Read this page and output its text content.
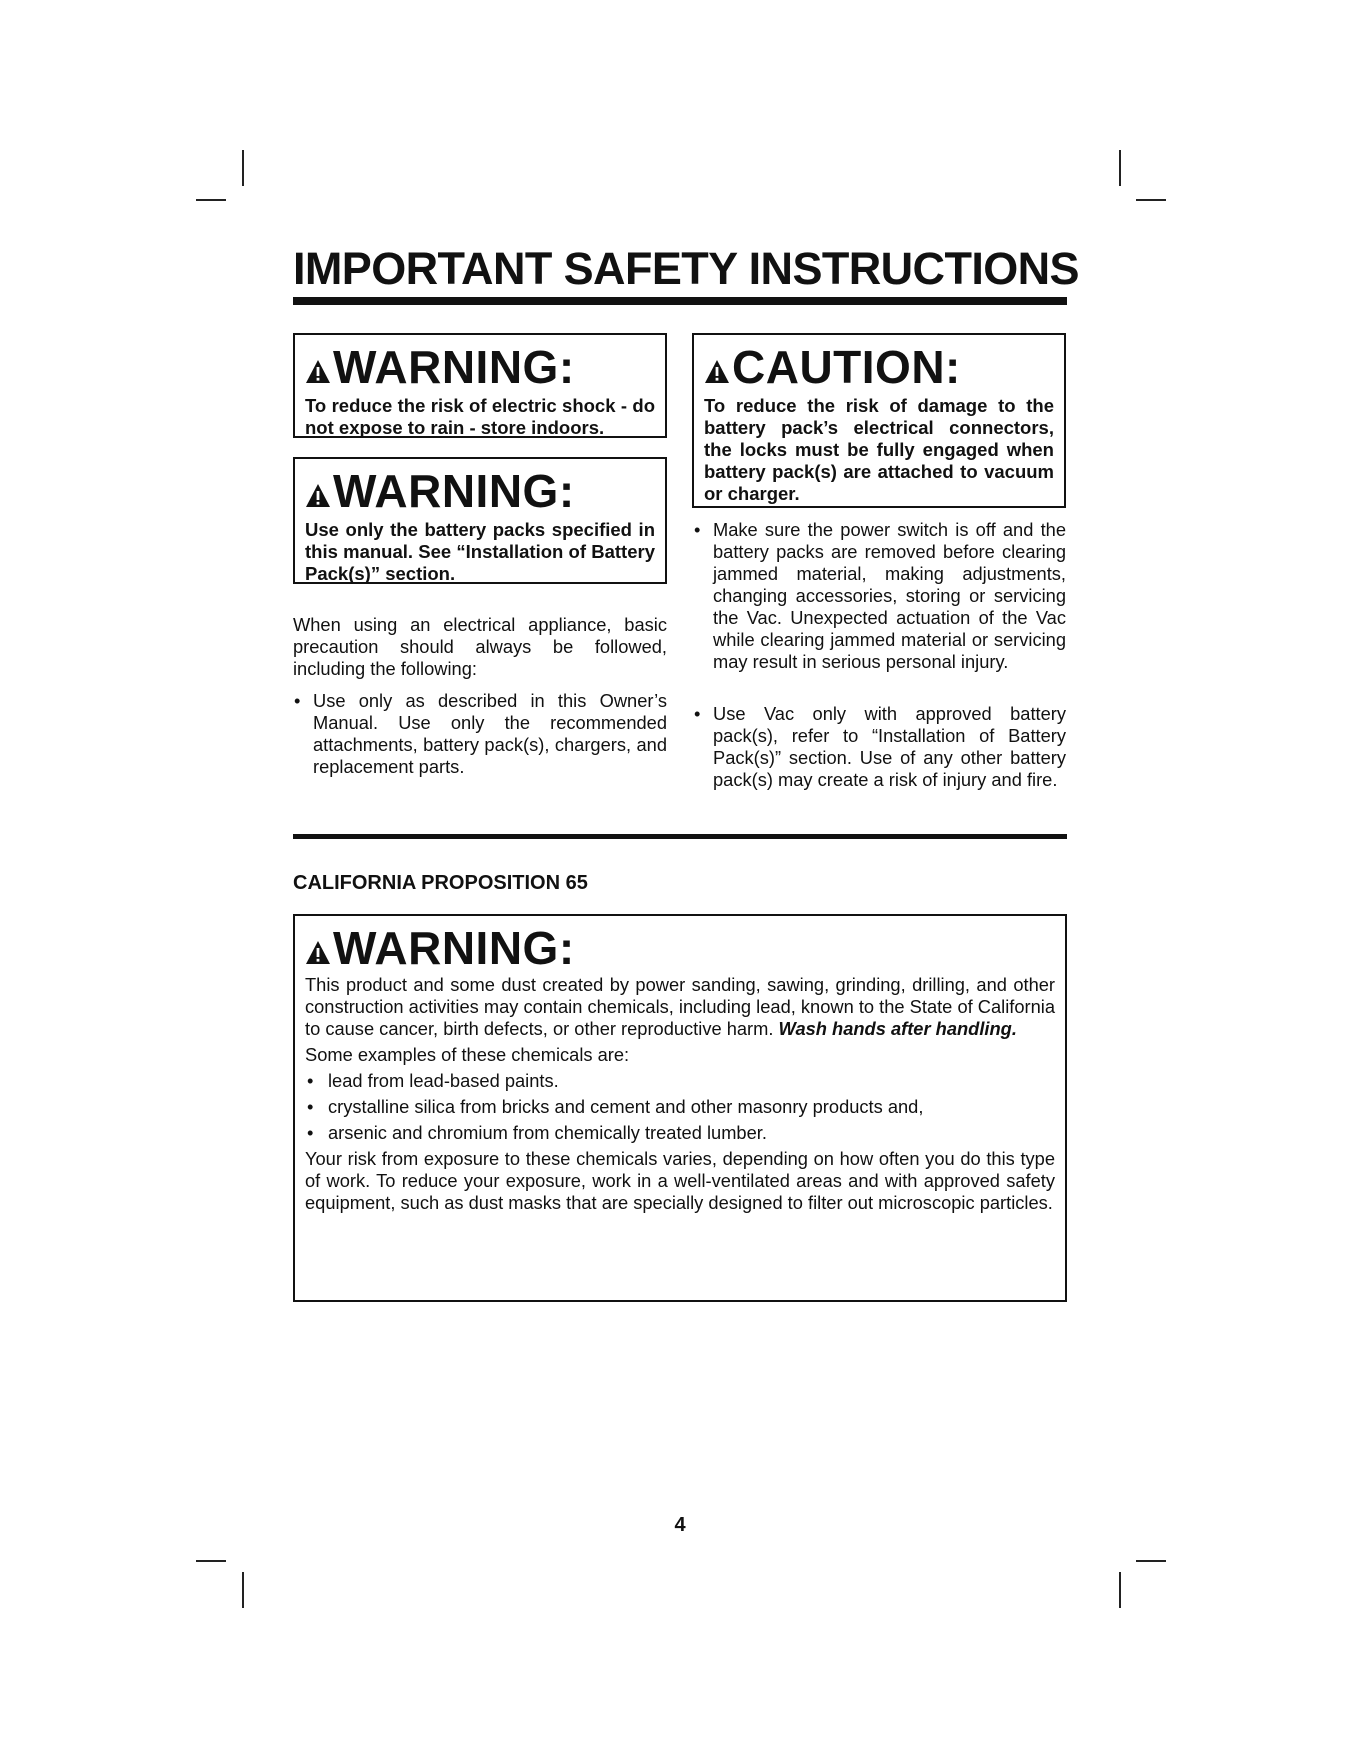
IMPORTANT SAFETY INSTRUCTIONS
WARNING:
To reduce the risk of electric shock - do not expose to rain - store indoors.
WARNING:
Use only the battery packs specified in this manual. See “Installation of Battery Pack(s)” section.
CAUTION:
To reduce the risk of damage to the battery pack’s electrical connectors, the locks must be fully engaged when battery pack(s) are attached to vacuum or charger.

When using an electrical appliance, basic precaution should always be followed, including the following:

• Use only as described in this Owner’s Manual. Use only the recommended attachments, battery pack(s), chargers, and replacement parts.
• Make sure the power switch is off and the battery packs are removed before clearing jammed material, making adjustments, changing accessories, storing or servicing the Vac. Unexpected actuation of the Vac while clearing jammed material or servicing may result in serious personal injury.
• Use Vac only with approved battery pack(s), refer to “Installation of Battery Pack(s)” section. Use of any other battery pack(s) may create a risk of injury and fire.
CALIFORNIA PROPOSITION 65
WARNING:

This product and some dust created by power sanding, sawing, grinding, drilling, and other construction activities may contain chemicals, including lead, known to the State of California to cause cancer, birth defects, or other reproductive harm. Wash hands after handling.

Some examples of these chemicals are:

• lead from lead-based paints.
• crystalline silica from bricks and cement and other masonry products and,
• arsenic and chromium from chemically treated lumber.

Your risk from exposure to these chemicals varies, depending on how often you do this type of work. To reduce your exposure, work in a well-ventilated areas and with approved safety equipment, such as dust masks that are specially designed to filter out microscopic particles.

4
